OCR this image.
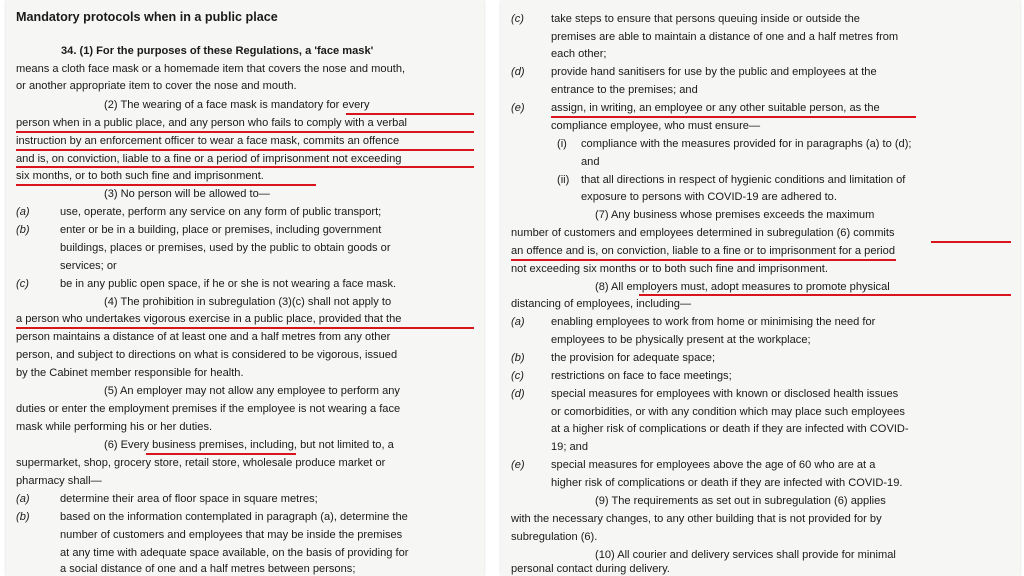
Mandatory protocols when in a public place
34. (1) For the purposes of these Regulations, a 'face mask'
means a cloth face mask or a homemade item that covers the nose and mouth,
or another appropriate item to cover the nose and mouth.
(2) The wearing of a face mask is mandatory for every
person when in a public place, and any person who fails to comply with a verbal
instruction by an enforcement officer to wear a face mask, commits an offence
and is, on conviction, liable to a fine or a period of imprisonment not exceeding
six months, or to both such fine and imprisonment.
(3) No person will be allowed to—
(a)	use, operate, perform any service on any form of public transport;
(b)	enter or be in a building, place or premises, including government
buildings, places or premises, used by the public to obtain goods or
services; or
(c)	be in any public open space, if he or she is not wearing a face mask.
(4) The prohibition in subregulation (3)(c) shall not apply to
a person who undertakes vigorous exercise in a public place, provided that the
person maintains a distance of at least one and a half metres from any other
person, and subject to directions on what is considered to be vigorous, issued
by the Cabinet member responsible for health.
(5) An employer may not allow any employee to perform any
duties or enter the employment premises if the employee is not wearing a face
mask while performing his or her duties.
(6) Every business premises, including, but not limited to, a
supermarket, shop, grocery store, retail store, wholesale produce market or
pharmacy shall—
(a)	determine their area of floor space in square metres;
(b)	based on the information contemplated in paragraph (a), determine the
number of customers and employees that may be inside the premises
at any time with adequate space available, on the basis of providing for
a social distance of one and a half metres between persons;
(c) take steps to ensure that persons queuing inside or outside the
premises are able to maintain a distance of one and a half metres from
each other;
(d) provide hand sanitisers for use by the public and employees at the
entrance to the premises; and
(e) assign, in writing, an employee or any other suitable person, as the
compliance employee, who must ensure—
(i) compliance with the measures provided for in paragraphs (a) to (d);
and
(ii) that all directions in respect of hygienic conditions and limitation of
exposure to persons with COVID-19 are adhered to.
(7) Any business whose premises exceeds the maximum
number of customers and employees determined in subregulation (6) commits
an offence and is, on conviction, liable to a fine or to imprisonment for a period
not exceeding six months or to both such fine and imprisonment.
(8) All employers must, adopt measures to promote physical
distancing of employees, including—
(a) enabling employees to work from home or minimising the need for
employees to be physically present at the workplace;
(b) the provision for adequate space;
(c) restrictions on face to face meetings;
(d) special measures for employees with known or disclosed health issues
or comorbidities, or with any condition which may place such employees
at a higher risk of complications or death if they are infected with COVID-
19; and
(e) special measures for employees above the age of 60 who are at a
higher risk of complications or death if they are infected with COVID-19.
(9) The requirements as set out in subregulation (6) applies
with the necessary changes, to any other building that is not provided for by
subregulation (6).
(10) All courier and delivery services shall provide for minimal
personal contact during delivery.
